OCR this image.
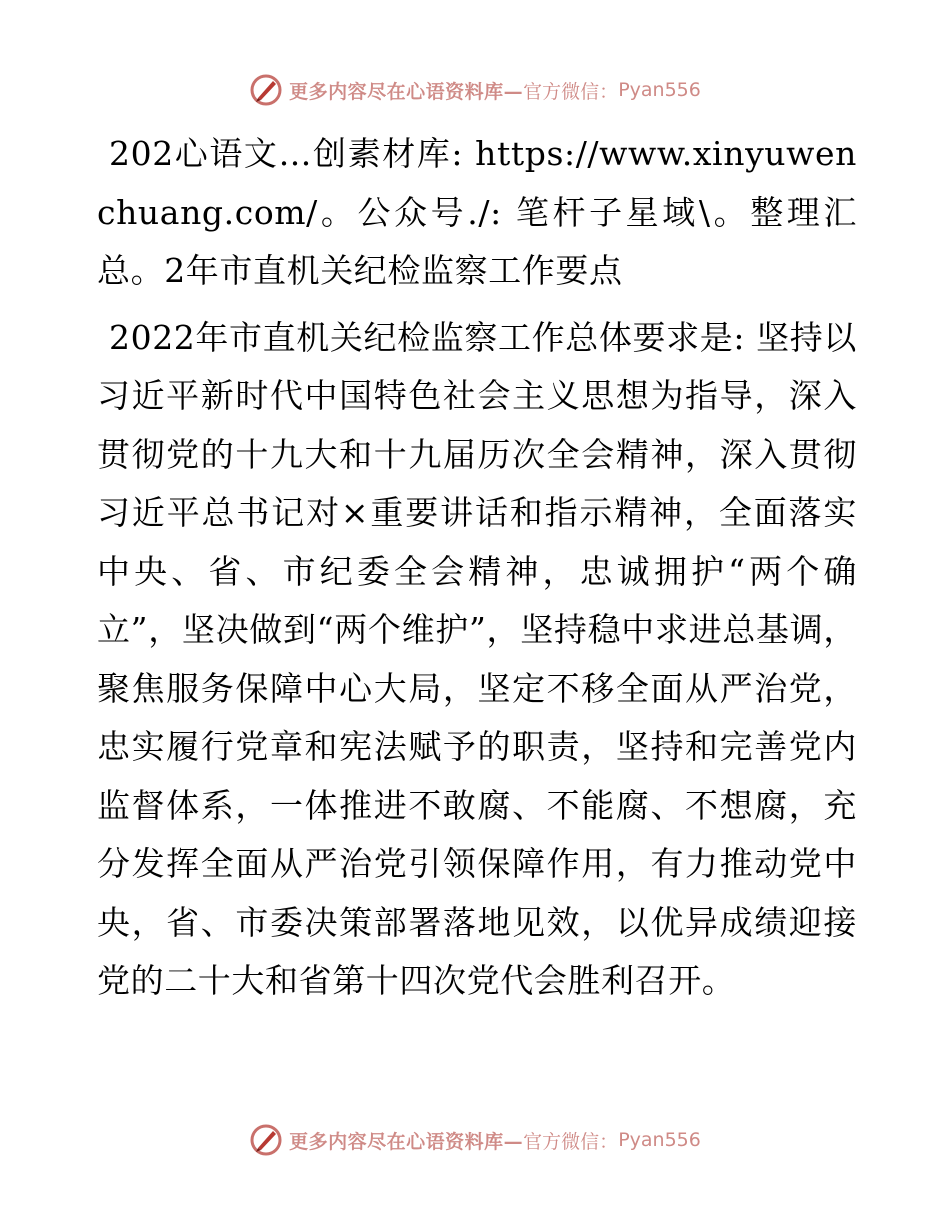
更多内容尽在心语资料库— 官方微信： Pyan556

202心语文…创素材库: https://www.xinyuwenchuang.com/。公众号./: 笔杆子星域\。整理汇总。2年市直机关纪检监察工作要点

2022年市直机关纪检监察工作总体要求是: 坚持以习近平新时代中国特色社会主义思想为指导，深入贯彻党的十九大和十九届历次全会精神，深入贯彻习近平总书记对×重要讲话和指示精神，全面落实中央、省、市纪委全会精神，忠诚拥护“两个确立”，坚决做到“两个维护”，坚持稳中求进总基调，聚焦服务保障中心大局，坚定不移全面从严治党，忠实履行党章和宪法赋予的职责，坚持和完善党内监督体系，一体推进不敢腐、不能腐、不想腐，充分发挥全面从严治党引领保障作用，有力推动党中央，省、市委决策部署落地见效，以优异成绩迎接党的二十大和省第十四次党代会胜利召开。

更多内容尽在心语资料库— 官方微信： Pyan556
